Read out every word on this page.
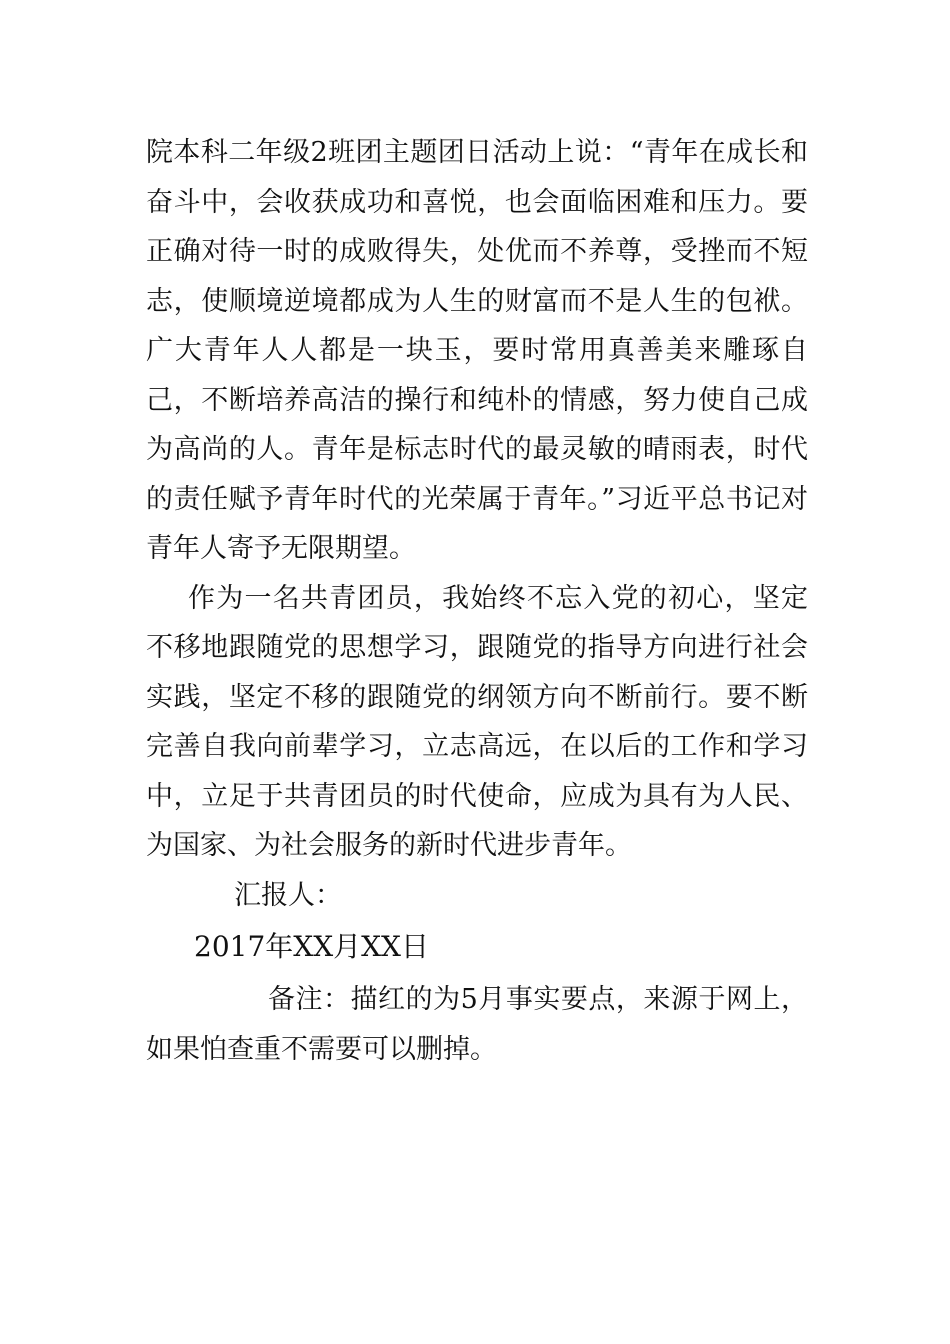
院本科二年级2班团主题团日活动上说：“青年在成长和奋斗中，会收获成功和喜悦，也会面临困难和压力。要正确对待一时的成败得失，处优而不养尊，受挫而不短志，使顺境逆境都成为人生的财富而不是人生的包袱。广大青年人人都是一块玉，要时常用真善美来雕琢自己，不断培养高洁的操行和纯朴的情感，努力使自己成为高尚的人。青年是标志时代的最灵敏的晴雨表，时代的责任赋予青年时代的光荣属于青年。”习近平总书记对青年人寄予无限期望。

作为一名共青团员，我始终不忘入党的初心，坚定不移地跟随党的思想学习，跟随党的指导方向进行社会实践，坚定不移的跟随党的纲领方向不断前行。要不断完善自我向前辈学习，立志高远，在以后的工作和学习中，立足于共青团员的时代使命，应成为具有为人民、为国家、为社会服务的新时代进步青年。

汇报人：

2017年XX月XX日

备注：描红的为5月事实要点，来源于网上，如果怕查重不需要可以删掉。
